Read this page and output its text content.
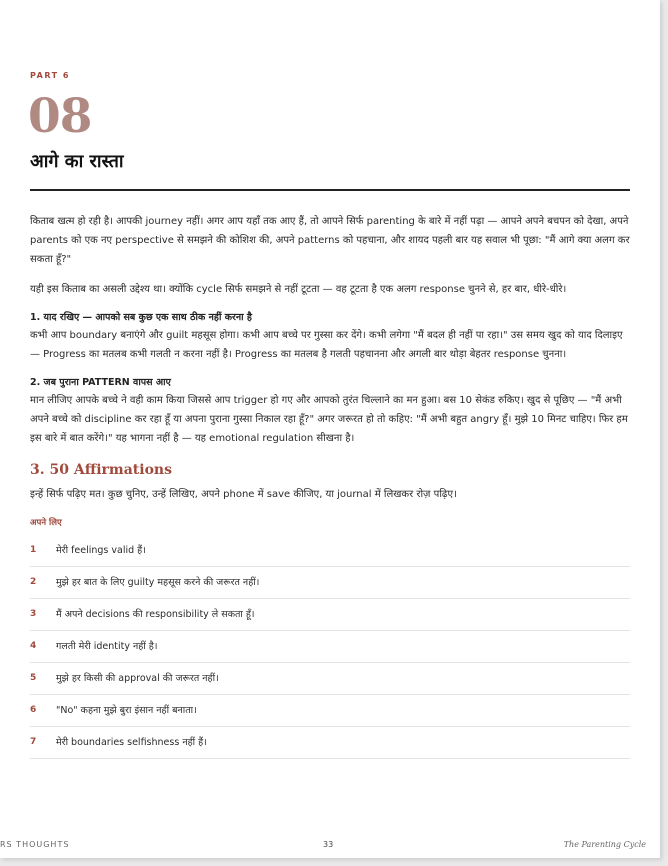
PART 6
08
आगे का रास्ता

किताब खत्म हो रही है। आपकी journey नहीं। अगर आप यहाँ तक आए हैं, तो आपने सिर्फ parenting के बारे में नहीं पढ़ा — आपने अपने बचपन को देखा, अपने parents को एक नए perspective से समझने की कोशिश की, अपने patterns को पहचाना, और शायद पहली बार यह सवाल भी पूछा: "मैं आगे क्या अलग कर सकता हूँ?"

यही इस किताब का असली उद्देश्य था। क्योंकि cycle सिर्फ समझने से नहीं टूटता — वह टूटता है एक अलग response चुनने से, हर बार, धीरे-धीरे।

1. याद रखिए — आपको सब कुछ एक साथ ठीक नहीं करना है

कभी आप boundary बनाएंगे और guilt महसूस होगा। कभी आप बच्चे पर गुस्सा कर देंगे। कभी लगेगा "मैं बदल ही नहीं पा रहा।" उस समय खुद को याद दिलाइए — Progress का मतलब कभी गलती न करना नहीं है। Progress का मतलब है गलती पहचानना और अगली बार थोड़ा बेहतर response चुनना।

2. जब पुराना PATTERN वापस आए

मान लीजिए आपके बच्चे ने वही काम किया जिससे आप trigger हो गए और आपको तुरंत चिल्लाने का मन हुआ। बस 10 सेकंड रुकिए। खुद से पूछिए — "मैं अभी अपने बच्चे को discipline कर रहा हूँ या अपना पुराना गुस्सा निकाल रहा हूँ?" अगर जरूरत हो तो कहिए: "मैं अभी बहुत angry हूँ। मुझे 10 मिनट चाहिए। फिर हम इस बारे में बात करेंगे।" यह भागना नहीं है — यह emotional regulation सीखना है।

3. 50 Affirmations

इन्हें सिर्फ पढ़िए मत। कुछ चुनिए, उन्हें लिखिए, अपने phone में save कीजिए, या journal में लिखकर रोज़ पढ़िए।

अपने लिए
1	मेरी feelings valid हैं।
2	मुझे हर बात के लिए guilty महसूस करने की जरूरत नहीं।
3	मैं अपने decisions की responsibility ले सकता हूँ।
4	गलती मेरी identity नहीं है।
5	मुझे हर किसी की approval की जरूरत नहीं।
6	"No" कहना मुझे बुरा इंसान नहीं बनाता।
7	मेरी boundaries selfishness नहीं हैं।
RS THOUGHTS	33	The Parenting Cycle
